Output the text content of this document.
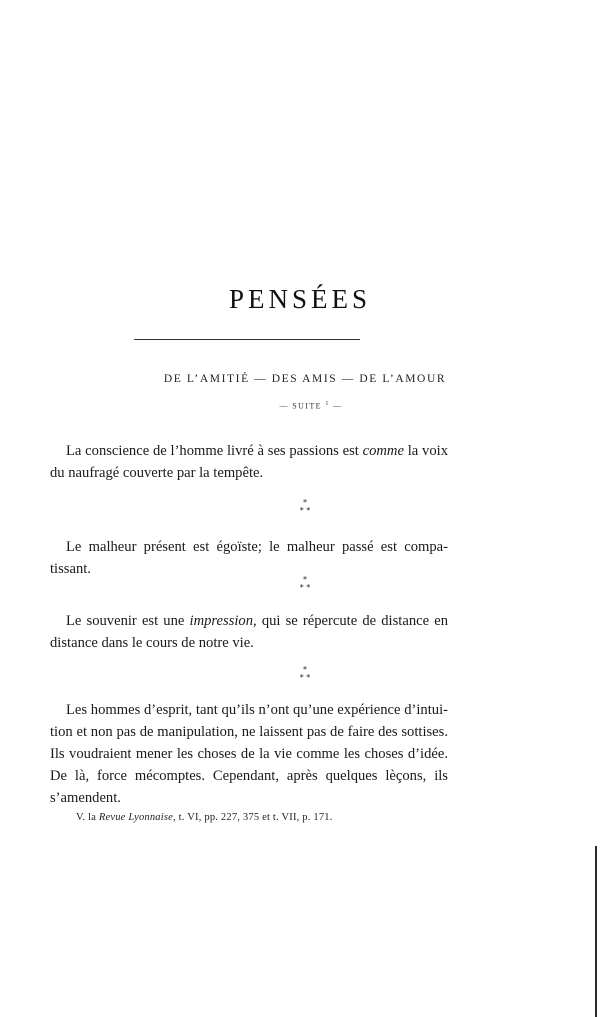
PENSÉES
DE L’AMITIÉ — DES AMIS — DE L’AMOUR
— SUITE $^1$ —
La conscience de l’homme livré à ses passions est comme la voix
du naufragé couverte par la tempête.
*
* *
Le malheur présent est égoïste; le malheur passé est compa-
tissant.
*
* *
Le souvenir est une impression, qui se répercute de distance en
distance dans le cours de notre vie.
*
* *
Les hommes d’esprit, tant qu’ils n’ont qu’une expérience d’intui-
tion et non pas de manipulation, ne laissent pas de faire des sottises.
Ils voudraient mener les choses de la vie comme les choses d’idée.
De là, force mécomptes. Cependant, après quelques lèçons, ils
s’amendent.
V. la Revue Lyonnaise, t. VI, pp. 227, 375 et t. VII, p. 171.
